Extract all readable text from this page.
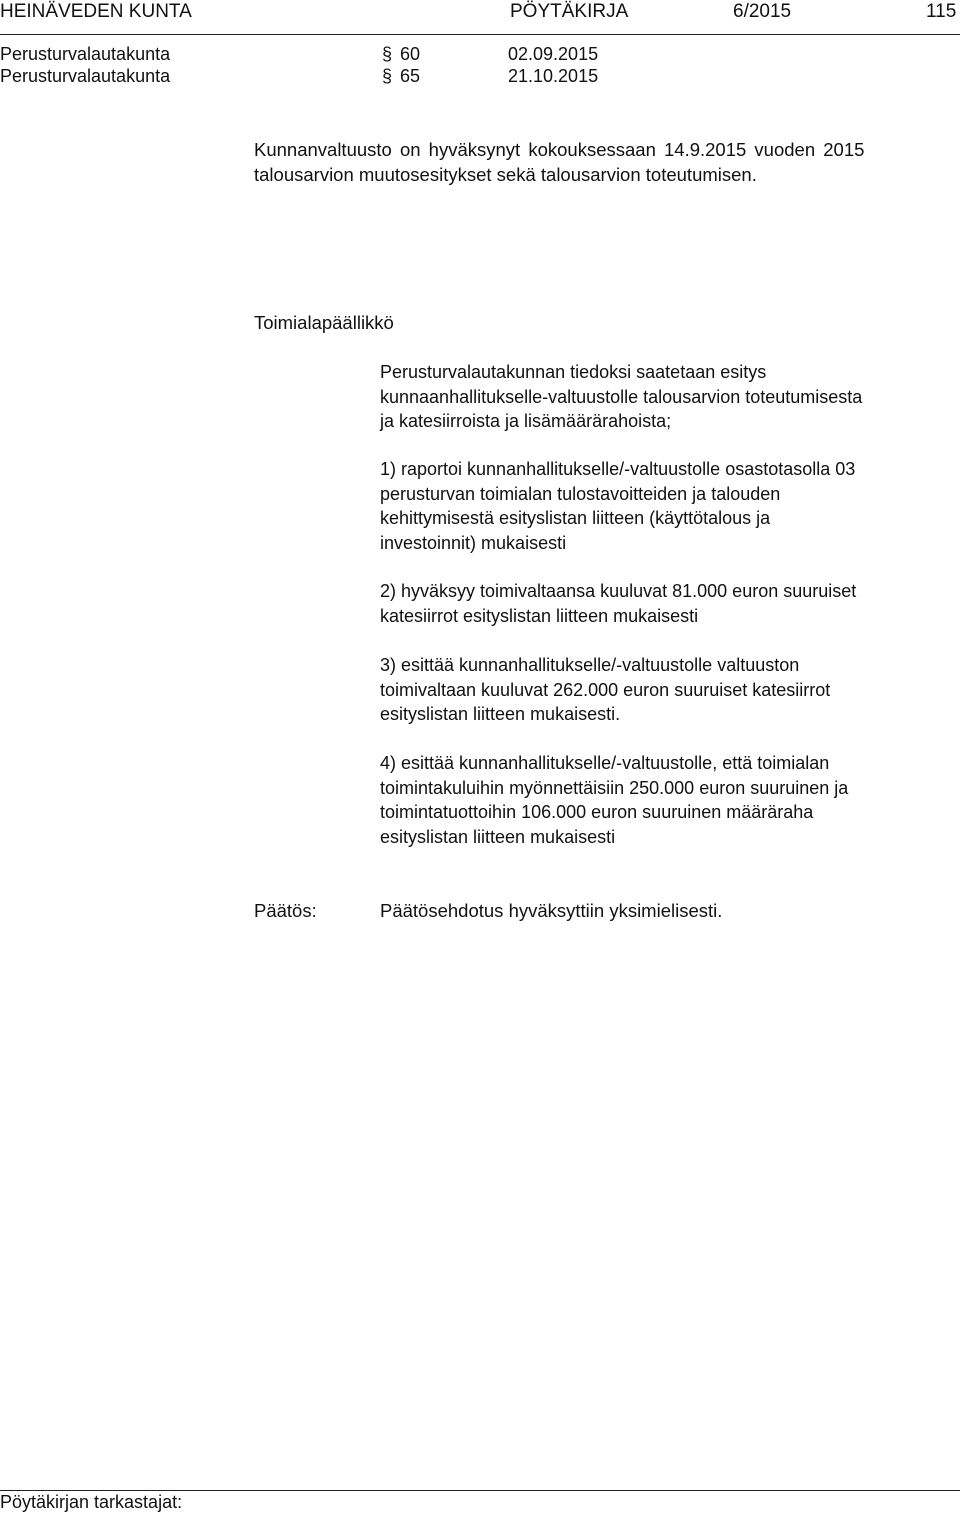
HEINÄVEDEN KUNTA	PÖYTÄKIRJA	6/2015	115
Perusturvalautakunta	§ 60	02.09.2015
Perusturvalautakunta	§ 65	21.10.2015

Kunnanvaltuusto on hyväksynyt kokouksessaan 14.9.2015 vuoden 2015

talousarvion muutosesitykset sekä talousarvion toteutumisen.

Toimialapäällikkö

Perusturvalautakunnan tiedoksi saatetaan esitys

kunnaanhallitukselle-valtuustolle talousarvion toteutumisesta

ja katesiirroista ja lisämäärärahoista;

1) raportoi kunnanhallitukselle/-valtuustolle osastotasolla 03

perusturvan toimialan tulostavoitteiden ja talouden

kehittymisestä esityslistan liitteen (käyttötalous ja

investoinnit) mukaisesti

2) hyväksyy toimivaltaansa kuuluvat 81.000 euron suuruiset

katesiirrot esityslistan liitteen mukaisesti

3) esittää kunnanhallitukselle/-valtuustolle valtuuston

toimivaltaan kuuluvat 262.000 euron suuruiset katesiirrot

esityslistan liitteen mukaisesti.

4) esittää kunnanhallitukselle/-valtuustolle, että toimialan

toimintakuluihin myönnettäisiin 250.000 euron suuruinen ja

toimintatuottoihin 106.000 euron suuruinen määräraha

esityslistan liitteen mukaisesti

Päätös:	Päätösehdotus hyväksyttiin yksimielisesti.
Pöytäkirjan tarkastajat:
